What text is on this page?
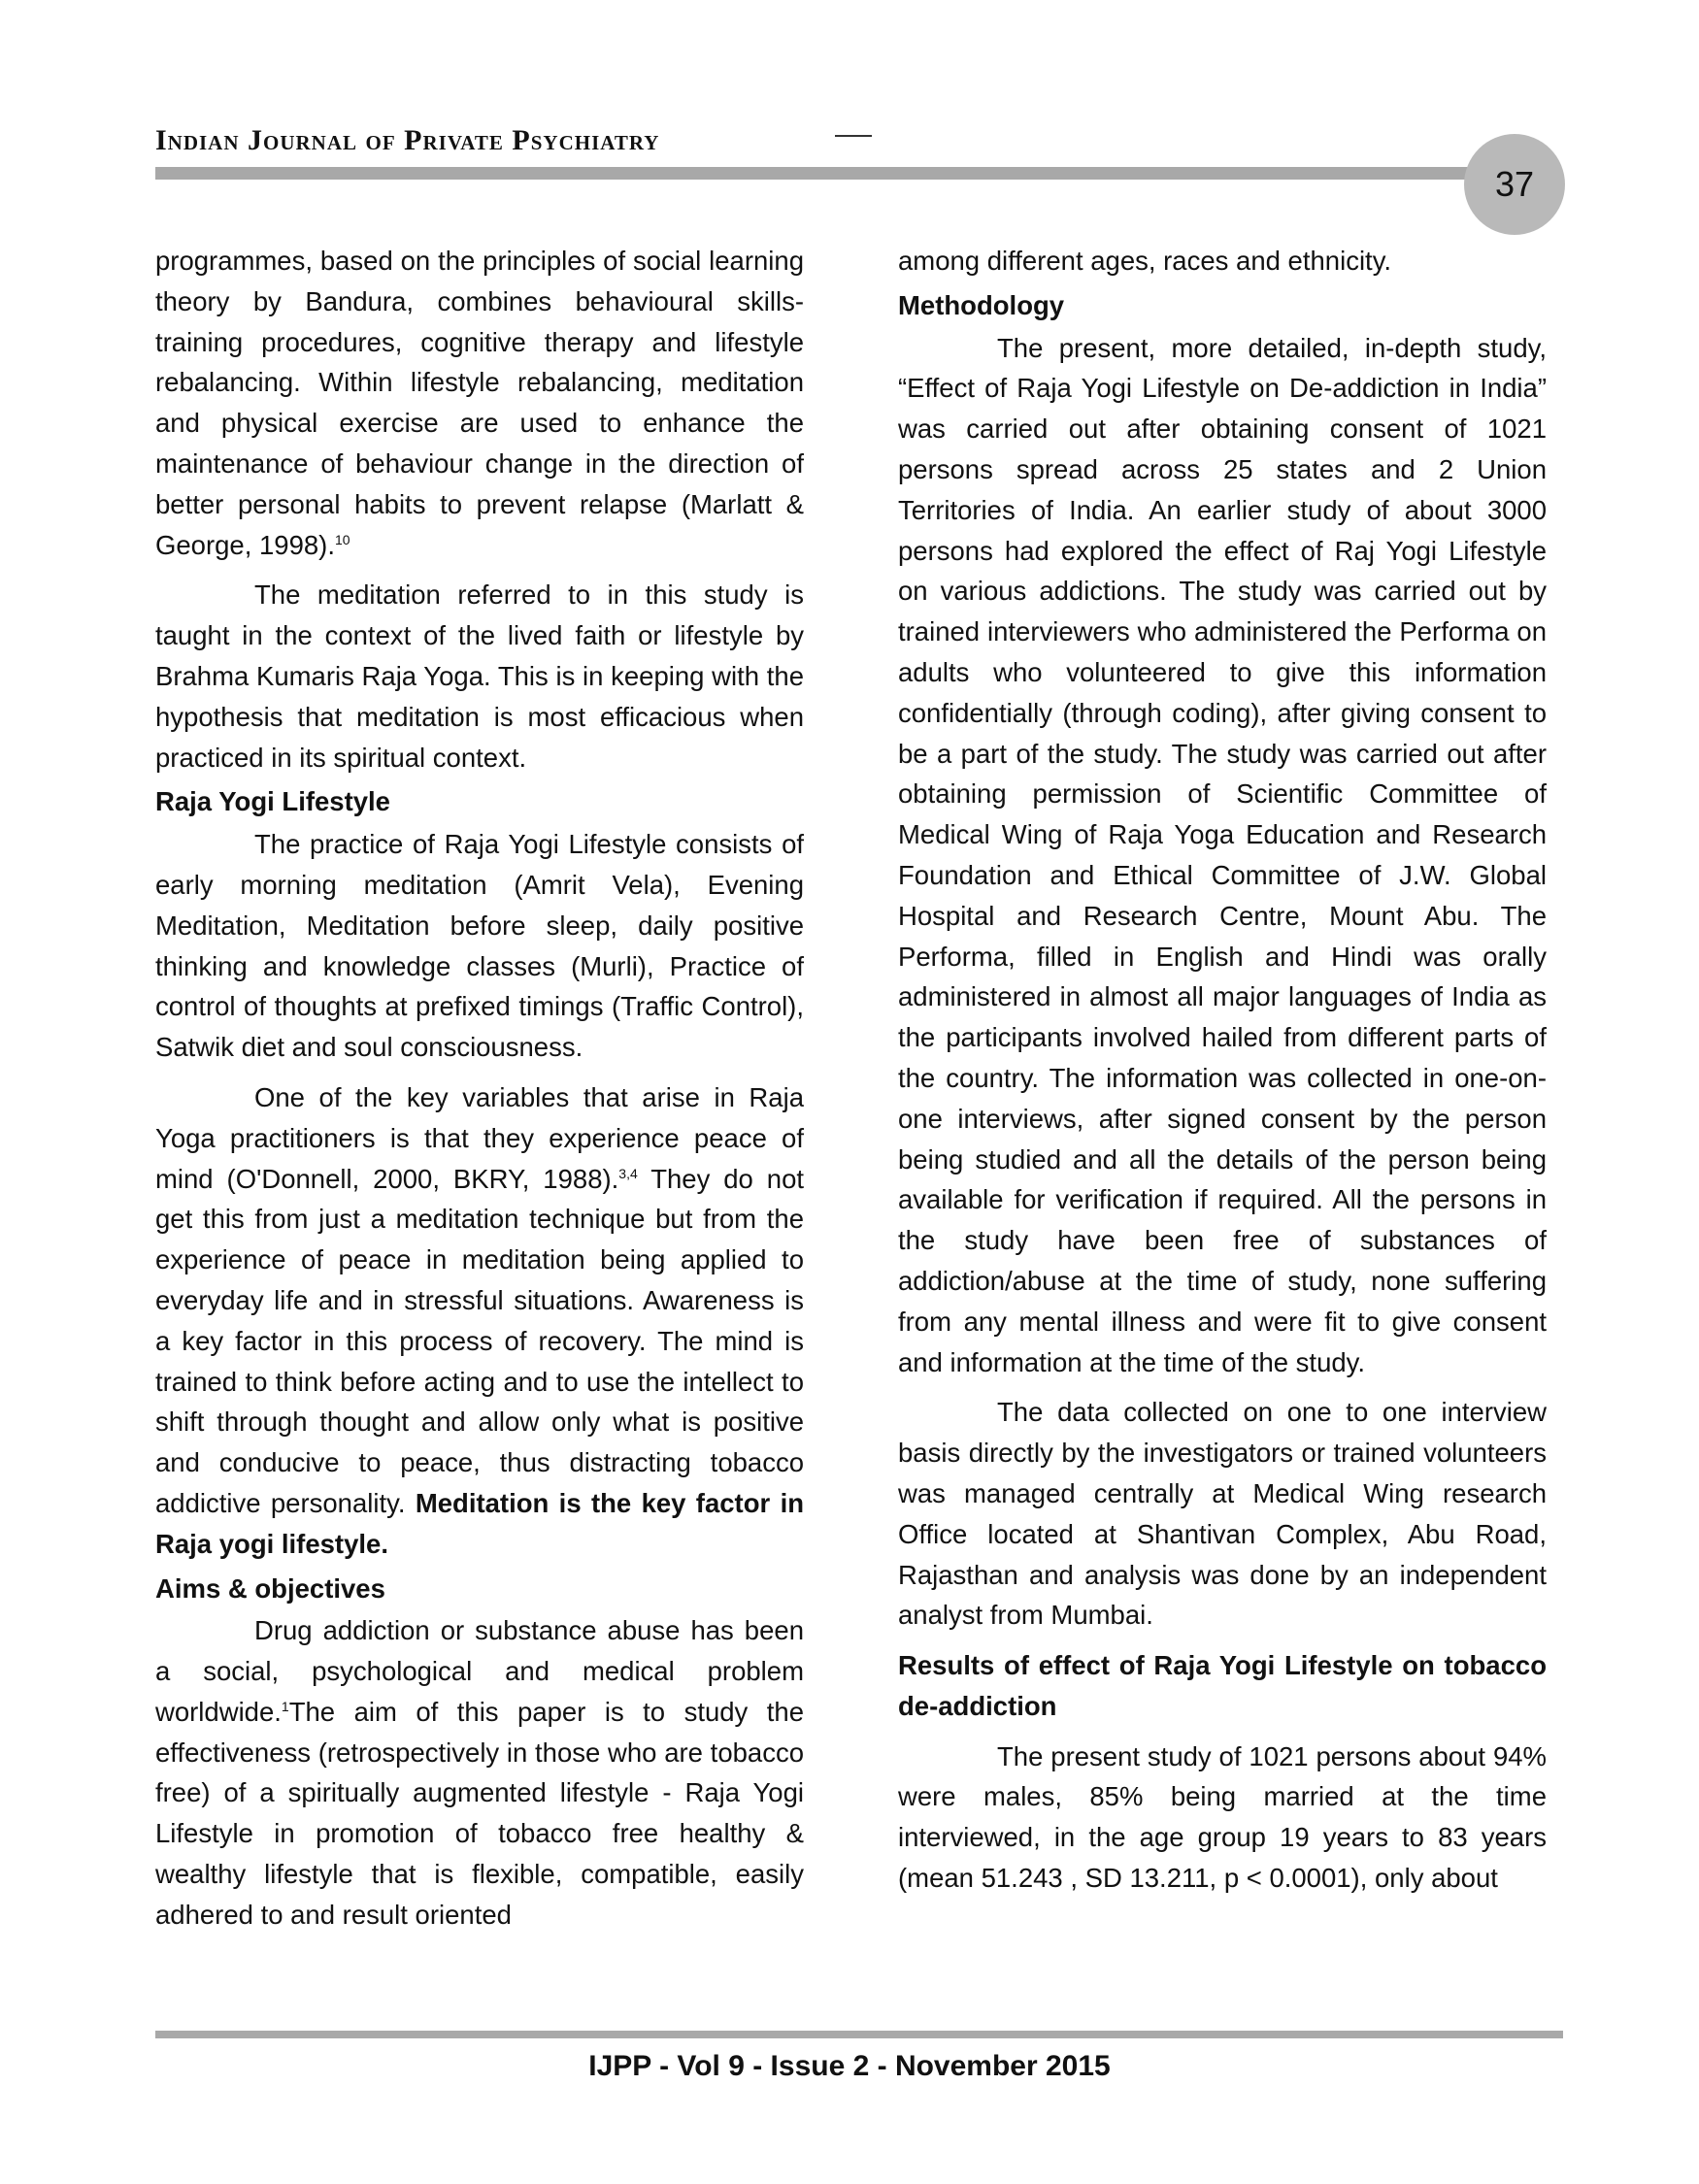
Indian Journal of Private Psychiatry
37

programmes, based on the principles of social learning theory by Bandura, combines behavioural skills-training procedures, cognitive therapy and lifestyle rebalancing. Within lifestyle rebalancing, meditation and physical exercise are used to enhance the maintenance of behaviour change in the direction of better personal habits to prevent relapse (Marlatt & George, 1998).$^{10}$

The meditation referred to in this study is taught in the context of the lived faith or lifestyle by Brahma Kumaris Raja Yoga. This is in keeping with the hypothesis that meditation is most efficacious when practiced in its spiritual context.

Raja Yogi Lifestyle

The practice of Raja Yogi Lifestyle consists of early morning meditation (Amrit Vela), Evening Meditation, Meditation before sleep, daily positive thinking and knowledge classes (Murli), Practice of control of thoughts at prefixed timings (Traffic Control), Satwik diet and soul consciousness.

One of the key variables that arise in Raja Yoga practitioners is that they experience peace of mind (O'Donnell, 2000, BKRY, 1988).$^{3,4}$ They do not get this from just a meditation technique but from the experience of peace in meditation being applied to everyday life and in stressful situations. Awareness is a key factor in this process of recovery. The mind is trained to think before acting and to use the intellect to shift through thought and allow only what is positive and conducive to peace, thus distracting tobacco addictive personality. Meditation is the key factor in Raja yogi lifestyle.

Aims & objectives

Drug addiction or substance abuse has been a social, psychological and medical problem worldwide.$^1$The aim of this paper is to study the effectiveness (retrospectively in those who are tobacco free) of a spiritually augmented lifestyle - Raja Yogi Lifestyle in promotion of tobacco free healthy & wealthy lifestyle that is flexible, compatible, easily adhered to and result oriented

among different ages, races and ethnicity.

Methodology

The present, more detailed, in-depth study, “Effect of Raja Yogi Lifestyle on De-addiction in India” was carried out after obtaining consent of 1021 persons spread across 25 states and 2 Union Territories of India. An earlier study of about 3000 persons had explored the effect of Raj Yogi Lifestyle on various addictions. The study was carried out by trained interviewers who administered the Performa on adults who volunteered to give this information confidentially (through coding), after giving consent to be a part of the study. The study was carried out after obtaining permission of Scientific Committee of Medical Wing of Raja Yoga Education and Research Foundation and Ethical Committee of J.W. Global Hospital and Research Centre, Mount Abu. The Performa, filled in English and Hindi was orally administered in almost all major languages of India as the participants involved hailed from different parts of the country. The information was collected in one-on-one interviews, after signed consent by the person being studied and all the details of the person being available for verification if required. All the persons in the study have been free of substances of addiction/abuse at the time of study, none suffering from any mental illness and were fit to give consent and information at the time of the study.

The data collected on one to one interview basis directly by the investigators or trained volunteers was managed centrally at Medical Wing research Office located at Shantivan Complex, Abu Road, Rajasthan and analysis was done by an independent analyst from Mumbai.

Results of effect of Raja Yogi Lifestyle on tobacco de-addiction

The present study of 1021 persons about 94% were males, 85% being married at the time interviewed, in the age group 19 years to 83 years (mean 51.243 , SD 13.211, p < 0.0001), only about

IJPP - Vol 9 - Issue 2 - November 2015
